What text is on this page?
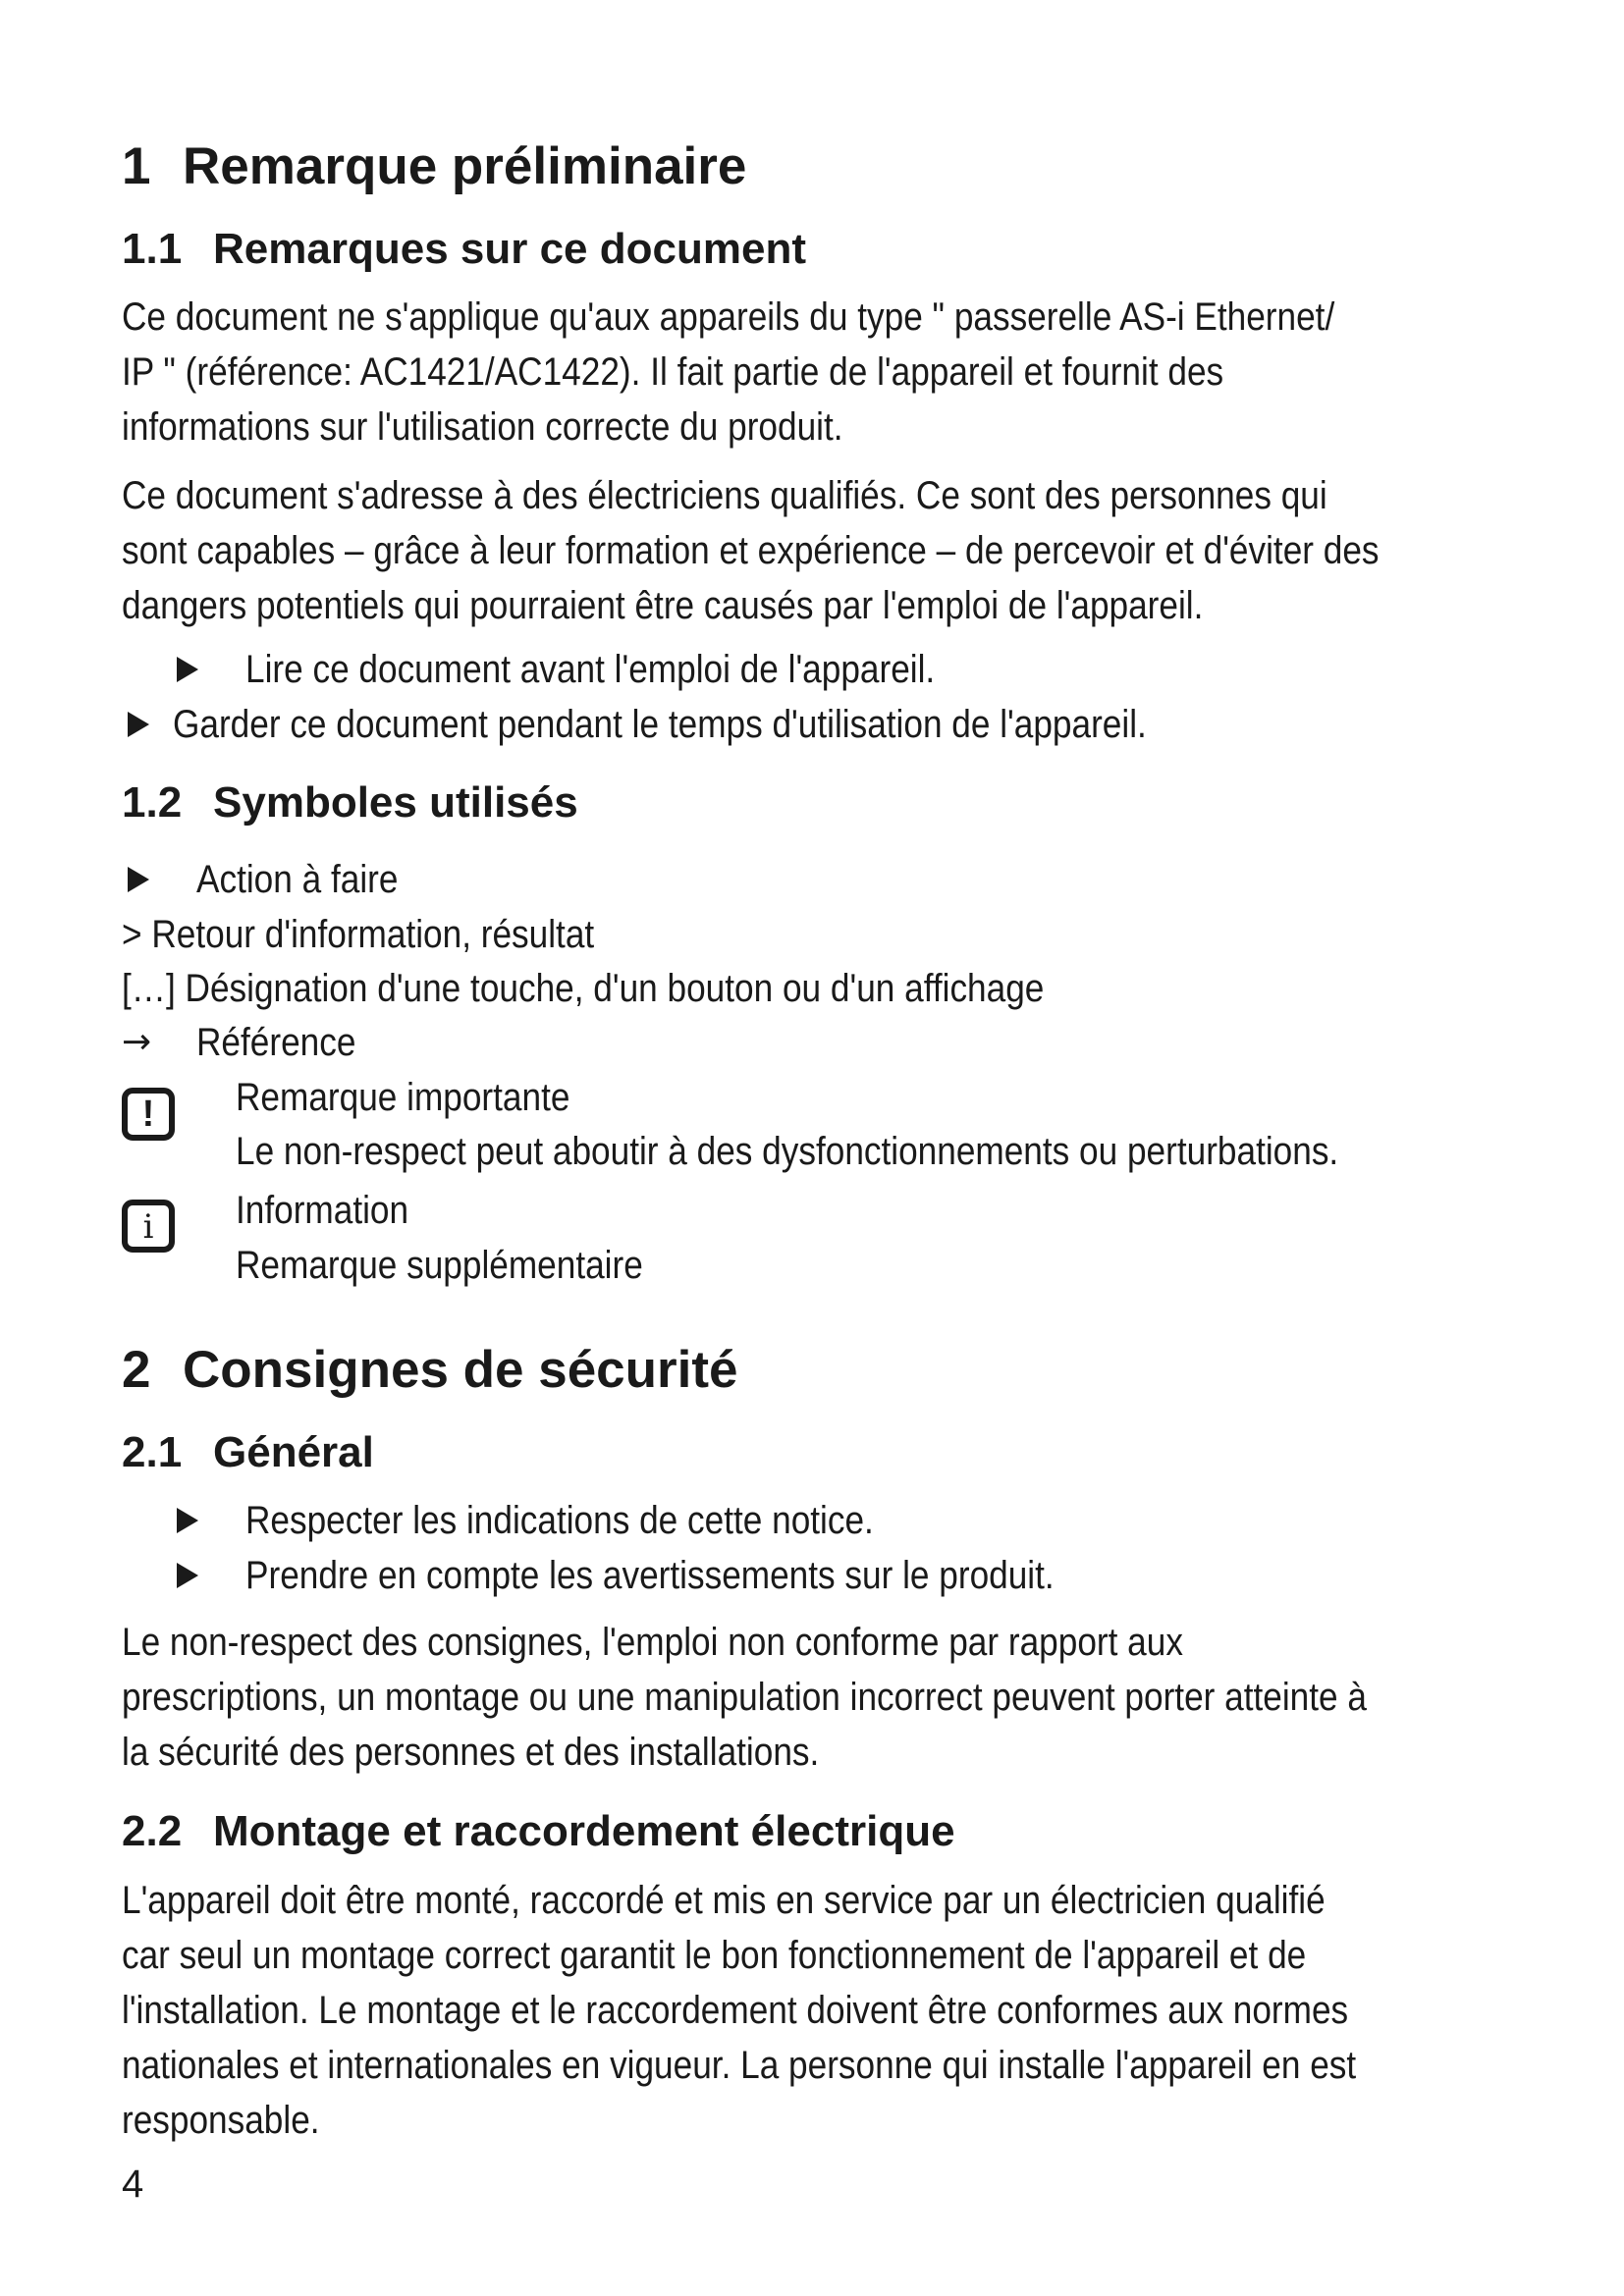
1 Remarque préliminaire
1.1 Remarques sur ce document

Ce document ne s'applique qu'aux appareils du type " passerelle AS-i Ethernet/
IP " (référence: AC1421/AC1422). Il fait partie de l'appareil et fournit des
informations sur l'utilisation correcte du produit.

Ce document s'adresse à des électriciens qualifiés. Ce sont des personnes qui
sont capables – grâce à leur formation et expérience – de percevoir et d'éviter des
dangers potentiels qui pourraient être causés par l'emploi de l'appareil.

Lire ce document avant l'emploi de l'appareil.

Garder ce document pendant le temps d'utilisation de l'appareil.

1.2 Symboles utilisés

Action à faire

> Retour d'information, résultat

[…] Désignation d'une touche, d'un bouton ou d'un affichage

→ Référence

!	Remarque importante

Le non-respect peut aboutir à des dysfonctionnements ou perturbations.

i	Information

Remarque supplémentaire

2 Consignes de sécurité
2.1 Général

Respecter les indications de cette notice.

Prendre en compte les avertissements sur le produit.

Le non-respect des consignes, l'emploi non conforme par rapport aux
prescriptions, un montage ou une manipulation incorrect peuvent porter atteinte à
la sécurité des personnes et des installations.

2.2 Montage et raccordement électrique

L'appareil doit être monté, raccordé et mis en service par un électricien qualifié
car seul un montage correct garantit le bon fonctionnement de l'appareil et de
l'installation. Le montage et le raccordement doivent être conformes aux normes
nationales et internationales en vigueur. La personne qui installe l'appareil en est
responsable.

4
